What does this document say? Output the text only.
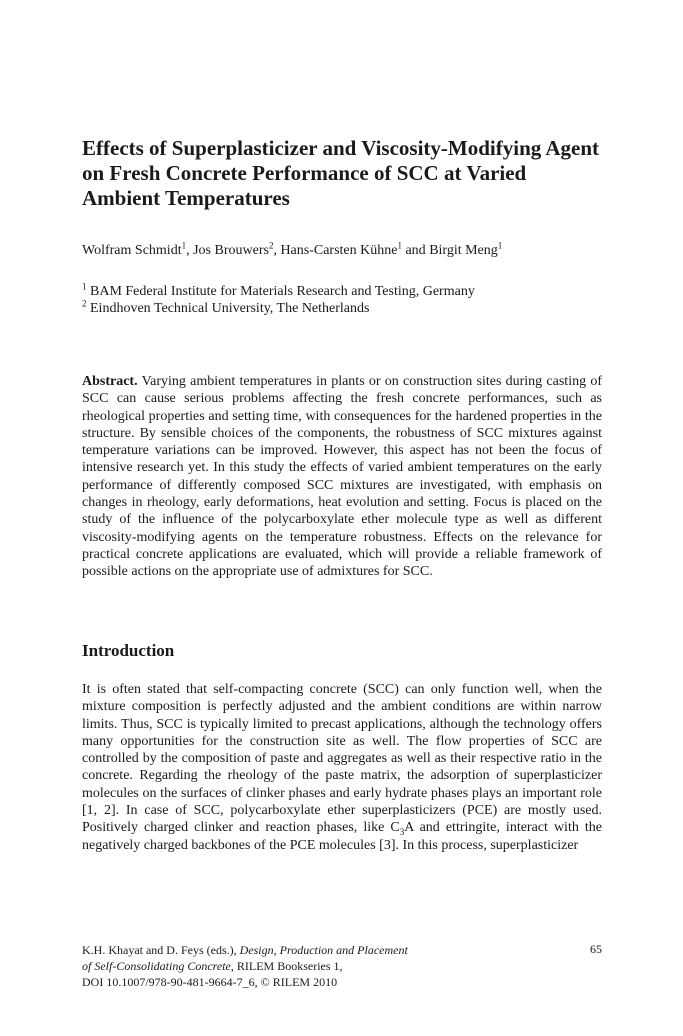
Effects of Superplasticizer and Viscosity-Modifying Agent on Fresh Concrete Performance of SCC at Varied Ambient Temperatures

Wolfram Schmidt$^1$, Jos Brouwers$^2$, Hans-Carsten Kühne$^1$ and Birgit Meng$^1$

$^1$ BAM Federal Institute for Materials Research and Testing, Germany
$^2$ Eindhoven Technical University, The Netherlands

Abstract. Varying ambient temperatures in plants or on construction sites during casting of SCC can cause serious problems affecting the fresh concrete performances, such as rheological properties and setting time, with consequences for the hardened properties in the structure. By sensible choices of the components, the robustness of SCC mixtures against temperature variations can be improved. However, this aspect has not been the focus of intensive research yet. In this study the effects of varied ambient temperatures on the early performance of differently composed SCC mixtures are investigated, with emphasis on changes in rheology, early deformations, heat evolution and setting. Focus is placed on the study of the influence of the polycarboxylate ether molecule type as well as different viscosity-modifying agents on the temperature robustness. Effects on the relevance for practical concrete applications are evaluated, which will provide a reliable framework of possible actions on the appropriate use of admixtures for SCC.

Introduction

It is often stated that self-compacting concrete (SCC) can only function well, when the mixture composition is perfectly adjusted and the ambient conditions are within narrow limits. Thus, SCC is typically limited to precast applications, although the technology offers many opportunities for the construction site as well. The flow properties of SCC are controlled by the composition of paste and aggregates as well as their respective ratio in the concrete. Regarding the rheology of the paste matrix, the adsorption of superplasticizer molecules on the surfaces of clinker phases and early hydrate phases plays an important role [1, 2]. In case of SCC, polycarboxylate ether superplasticizers (PCE) are mostly used. Positively charged clinker and reaction phases, like $C_3A$ and ettringite, interact with the negatively charged backbones of the PCE molecules [3]. In this process, superplasticizer

K.H. Khayat and D. Feys (eds.), Design, Production and Placement
of Self-Consolidating Concrete, RILEM Bookseries 1,
DOI 10.1007/978-90-481-9664-7_6, © RILEM 2010
65
